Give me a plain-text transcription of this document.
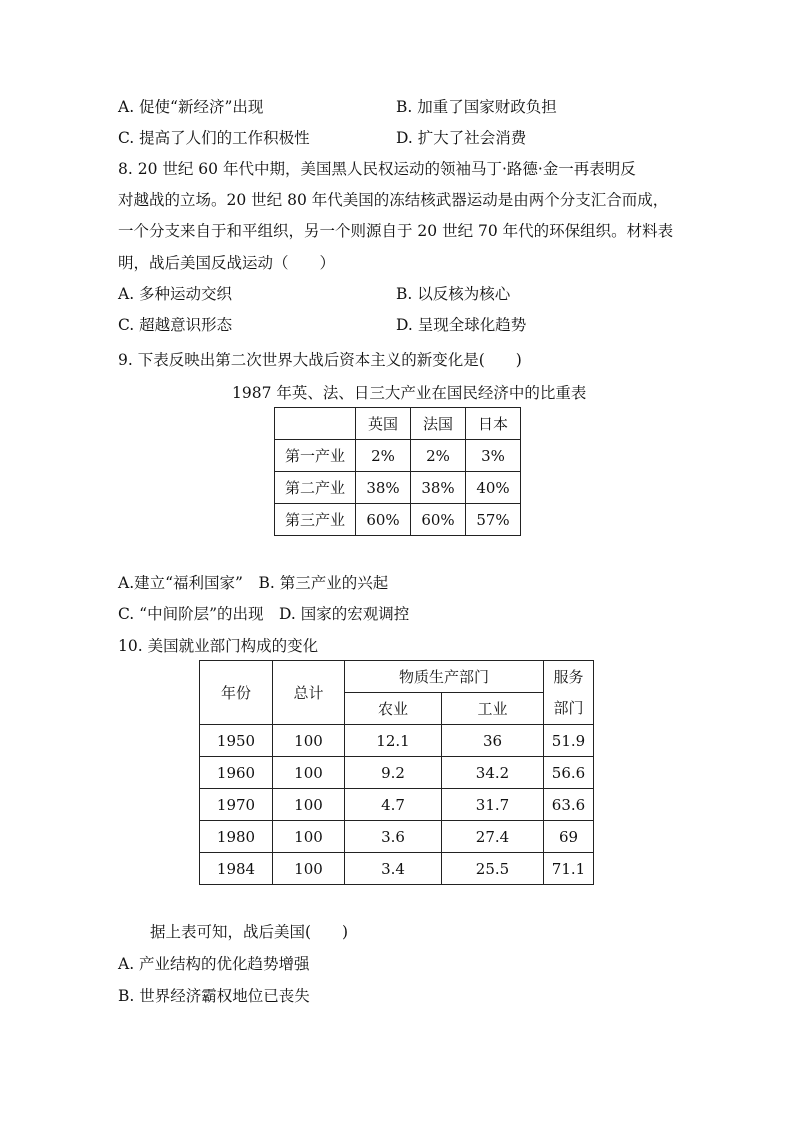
A. 促使“新经济”出现	B. 加重了国家财政负担
C. 提高了人们的工作积极性	D. 扩大了社会消费
8. 20 世纪 60 年代中期，美国黑人民权运动的领袖马丁·路德·金一再表明反
对越战的立场。20 世纪 80 年代美国的冻结核武器运动是由两个分支汇合而成，
一个分支来自于和平组织，另一个则源自于 20 世纪 70 年代的环保组织。材料表
明，战后美国反战运动（　　）
A. 多种运动交织	B. 以反核为核心
C. 超越意识形态	D. 呈现全球化趋势
9. 下表反映出第二次世界大战后资本主义的新变化是(　　)
1987 年英、法、日三大产业在国民经济中的比重表
	英国	法国	日本
第一产业	2%	2%	3%
第二产业	38%	38%	40%
第三产业	60%	60%	57%
A.建立“福利国家”　B. 第三产业的兴起
C. “中间阶层”的出现　D. 国家的宏观调控
10. 美国就业部门构成的变化
年份	总计	物质生产部门		服务
部门

		农业	工业	
1950	100	12.1	36	51.9
1960	100	9.2	34.2	56.6
1970	100	4.7	31.7	63.6
1980	100	3.6	27.4	69
1984	100	3.4	25.5	71.1
据上表可知，战后美国(　　)
A. 产业结构的优化趋势增强
B. 世界经济霸权地位已丧失
